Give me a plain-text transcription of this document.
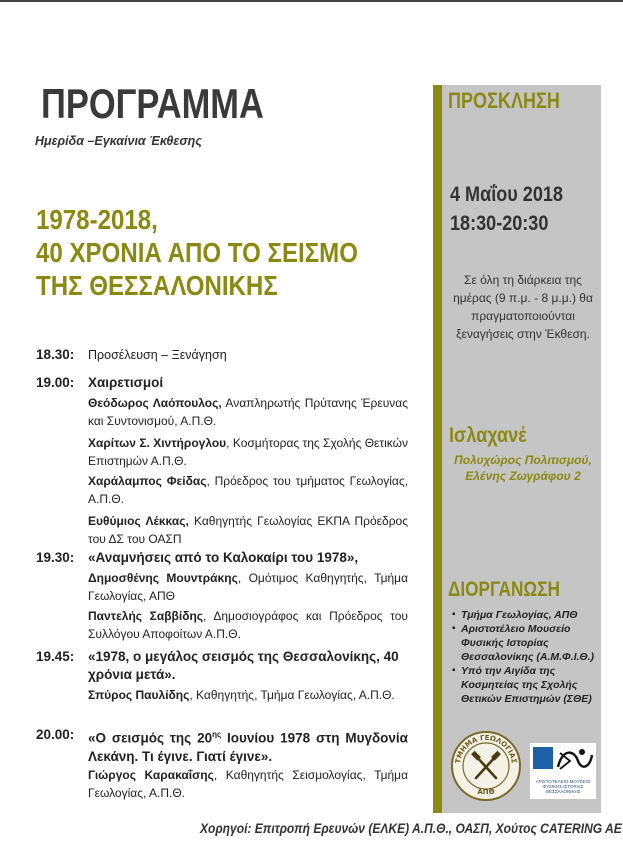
ΠΡΟΓΡΑΜΜΑ
Ημερίδα –Εγκαίνια Έκθεσης
1978-2018,
40 ΧΡΟΝΙΑ ΑΠΟ ΤΟ ΣΕΙΣΜΟ
ΤΗΣ ΘΕΣΣΑΛΟΝΙΚΗΣ
18.30: Προσέλευση – Ξενάγηση
19.00: Χαιρετισμοί
Θεόδωρος Λαόπουλος, Αναπληρωτής Πρύτανης Έρευνας και Συντονισμού, Α.Π.Θ.
Χαρίτων Σ. Χιντήρογλου, Κοσμήτορας της Σχολής Θετικών Επιστημών Α.Π.Θ.
Χαράλαμπος Φείδας, Πρόεδρος του τμήματος Γεωλογίας, Α.Π.Θ.
Ευθύμιος Λέκκας, Καθηγητής Γεωλογίας ΕΚΠΑ Πρόεδρος του ΔΣ του ΟΑΣΠ
19.30: «Αναμνήσεις από το Καλοκαίρι του 1978»,
Δημοσθένης Μουντράκης, Ομότιμος Καθηγητής, Τμήμα Γεωλογίας, ΑΠΘ
Παντελής Σαββίδης, Δημοσιογράφος και Πρόεδρος του Συλλόγου Αποφοίτων Α.Π.Θ.
19.45: «1978, ο μεγάλος σεισμός της Θεσσαλονίκης, 40 χρόνια μετά».
Σπύρος Παυλίδης, Καθηγητής, Τμήμα Γεωλογίας, Α.Π.Θ.
20.00: «Ο σεισμός της $20^{\eta\varsigma}$ Ιουνίου 1978 στη Μυγδονία Λεκάνη. Τι έγινε. Γιατί έγινε».
Γιώργος Καρακαΐσης, Καθηγητής Σεισμολογίας, Τμήμα Γεωλογίας, Α.Π.Θ.
ΠΡΟΣΚΛΗΣΗ
4 Μαΐου 2018
18:30-20:30
Σε όλη τη διάρκεια της ημέρας (9 π.μ. - 8 μ.μ.) θα πραγματοποιούνται ξεναγήσεις στην Έκθεση.
Ισλαχανέ
Πολυχώρος Πολιτισμού,
Ελένης Ζωγράφου 2
ΔΙΟΡΓΑΝΩΣΗ
▪ Τμήμα Γεωλογίας, ΑΠΘ
▪ Αριστοτέλειο Μουσείο Φυσικής Ιστορίας Θεσσαλονίκης (Α.Μ.Φ.Ι.Θ.)
▪ Υπό την Αιγίδα της Κοσμητείας της Σχολής Θετικών Επιστημών (ΣΘΕ)
ΤΜΗΜΑ ΓΕΩΛΟΓΙΑΣ
ΑΠΘ
ΑΡΙΣΤΟΤΕΛΕΙΟ ΜΟΥΣΕΙΟ ΦΥΣΙΚΗΣ ΙΣΤΟΡΙΑΣ ΘΕΣΣΑΛΟΝΙΚΗΣ
Χορηγοί: Επιτροπή Ερευνών (ΕΛΚΕ) Α.Π.Θ., ΟΑΣΠ, Χούτος CATERING AE
